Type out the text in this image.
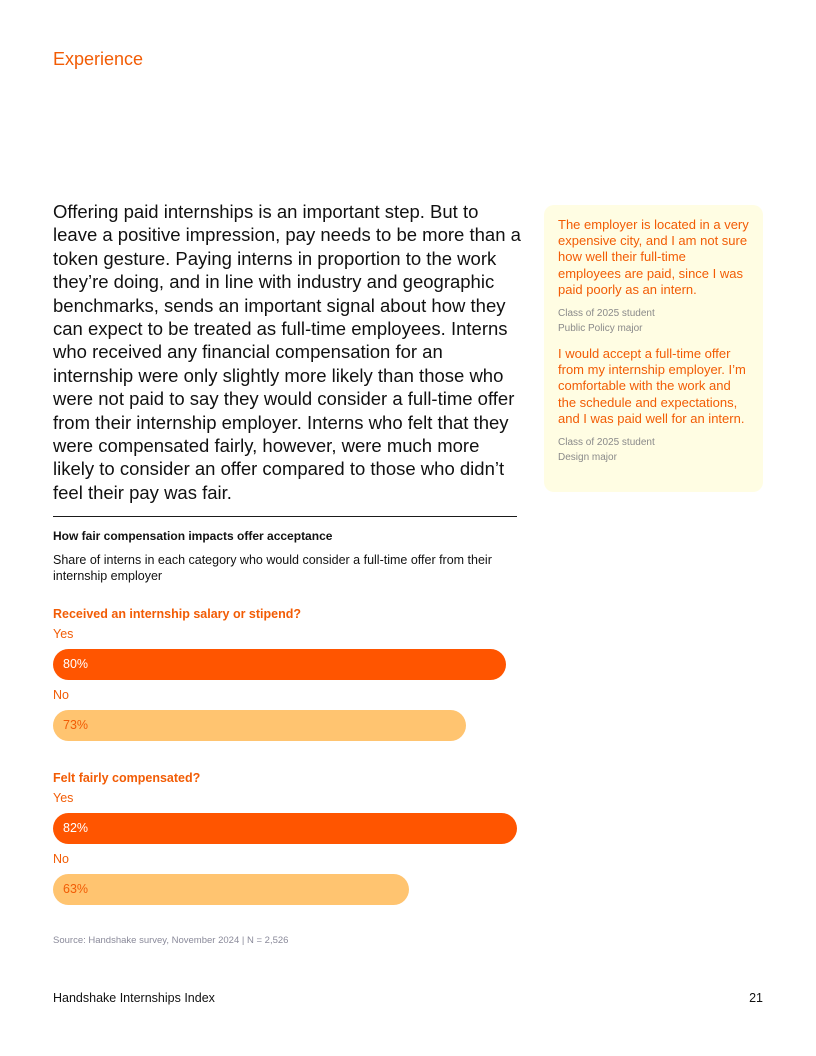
Experience

Offering paid internships is an important step. But to leave a positive impression, pay needs to be more than a token gesture. Paying interns in proportion to the work they’re doing, and in line with industry and geographic benchmarks, sends an important signal about how they can expect to be treated as full-time employees. Interns who received any financial compensation for an internship were only slightly more likely than those who were not paid to say they would consider a full-time offer from their internship employer. Interns who felt that they were compensated fairly, however, were much more likely to consider an offer compared to those who didn’t feel their pay was fair.

The employer is located in a very expensive city, and I am not sure how well their full-time employees are paid, since I was paid poorly as an intern.

Class of 2025 student

Public Policy major

I would accept a full-time offer from my internship employer. I’m comfortable with the work and the schedule and expectations, and I was paid well for an intern.

Class of 2025 student

Design major

How fair compensation impacts offer acceptance

Share of interns in each category who would consider a full-time offer from their internship employer

Received an internship salary or stipend?

Yes
80%
No
73%

Felt fairly compensated?

Yes
82%
No
63%

Source: Handshake survey, November 2024 | N = 2,526

Handshake Internships Index	21
